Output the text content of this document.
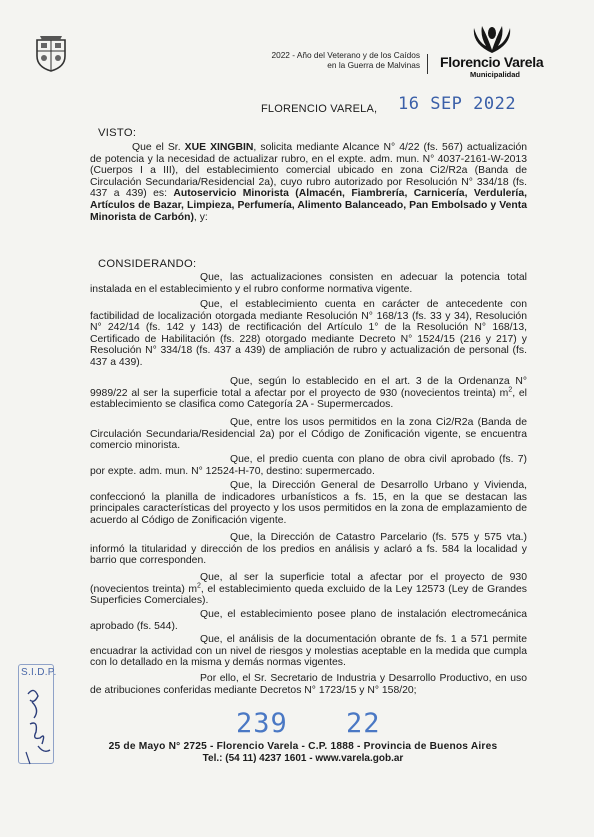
2022 - Año del Veterano y de los Caídos
en la Guerra de Malvinas Florencio Varela
Municipalidad
FLORENCIO VARELA, 16 SEP 2022
VISTO:

Que el Sr. XUE XINGBIN, solicita mediante Alcance N° 4/22 (fs. 567) actualización de potencia y la necesidad de actualizar rubro, en el expte. adm. mun. N° 4037-2161-W-2013 (Cuerpos I a III), del establecimiento comercial ubicado en zona Ci2/R2a (Banda de Circulación Secundaria/Residencial 2a), cuyo rubro autorizado por Resolución N° 334/18 (fs. 437 a 439) es: Autoservicio Minorista (Almacén, Fiambrería, Carnicería, Verdulería, Artículos de Bazar, Limpieza, Perfumería, Alimento Balanceado, Pan Embolsado y Venta Minorista de Carbón), y:

CONSIDERANDO:

Que, las actualizaciones consisten en adecuar la potencia total instalada en el establecimiento y el rubro conforme normativa vigente.

Que, el establecimiento cuenta en carácter de antecedente con factibilidad de localización otorgada mediante Resolución N° 168/13 (fs. 33 y 34), Resolución N° 242/14 (fs. 142 y 143) de rectificación del Artículo 1° de la Resolución N° 168/13, Certificado de Habilitación (fs. 228) otorgado mediante Decreto N° 1524/15 (216 y 217) y Resolución N° 334/18 (fs. 437 a 439) de ampliación de rubro y actualización de personal (fs. 437 a 439).

Que, según lo establecido en el art. 3 de la Ordenanza N° 9989/22 al ser la superficie total a afectar por el proyecto de 930 (novecientos treinta) $m^2$, el establecimiento se clasifica como Categoría 2A - Supermercados.

Que, entre los usos permitidos en la zona Ci2/R2a (Banda de Circulación Secundaria/Residencial 2a) por el Código de Zonificación vigente, se encuentra comercio minorista.

Que, el predio cuenta con plano de obra civil aprobado (fs. 7) por expte. adm. mun. N° 12524-H-70, destino: supermercado.

Que, la Dirección General de Desarrollo Urbano y Vivienda, confeccionó la planilla de indicadores urbanísticos a fs. 15, en la que se destacan las principales características del proyecto y los usos permitidos en la zona de emplazamiento de acuerdo al Código de Zonificación vigente.

Que, la Dirección de Catastro Parcelario (fs. 575 y 575 vta.) informó la titularidad y dirección de los predios en análisis y aclaró a fs. 584 la localidad y barrio que corresponden.

Que, al ser la superficie total a afectar por el proyecto de 930 (novecientos treinta) $m^2$, el establecimiento queda excluido de la Ley 12573 (Ley de Grandes Superficies Comerciales).

Que, el establecimiento posee plano de instalación electromecánica aprobado (fs. 544).

Que, el análisis de la documentación obrante de fs. 1 a 571 permite encuadrar la actividad con un nivel de riesgos y molestias aceptable en la medida que cumpla con lo detallado en la misma y demás normas vigentes.

Por ello, el Sr. Secretario de Industria y Desarrollo Productivo, en uso de atribuciones conferidas mediante Decretos N° 1723/15 y N° 158/20;

S.I.D.P.
239 22
25 de Mayo N° 2725 - Florencio Varela - C.P. 1888 - Provincia de Buenos Aires
Tel.: (54 11) 4237 1601 - www.varela.gob.ar
